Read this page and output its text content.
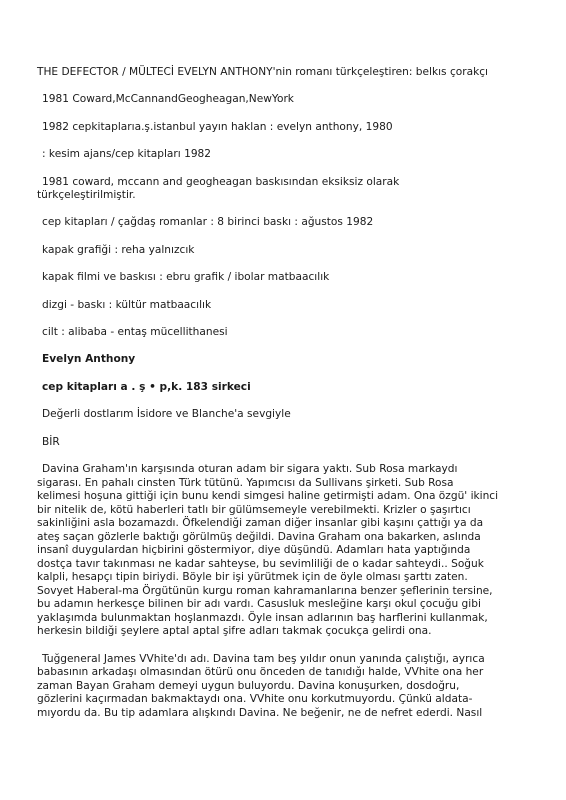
THE DEFECTOR / MÜLTECİ EVELYN ANTHONY'nin romanı türkçeleştiren: belkıs çorakçı
1981 Coward,McCannandGeogheagan,NewYork
1982 cepkitaplarıa.ş.istanbul yayın haklan : evelyn anthony, 1980
: kesim ajans/cep kitapları 1982
1981 coward, mccann and geogheagan baskısından eksiksiz olarak
türkçeleştirilmiştir.
cep kitapları / çağdaş romanlar : 8 birinci baskı : ağustos 1982
kapak grafiği : reha yalnızcık
kapak filmi ve baskısı : ebru grafik / ibolar matbaacılık
dizgi - baskı : kültür matbaacılık
cilt : alibaba - entaş mücellithanesi
Evelyn Anthony
cep kitapları a . ş • p,k. 183 sirkeci
Değerli dostlarım İsidore ve Blanche'a sevgiyle
BİR
Davina Graham'ın karşısında oturan adam bir sigara yaktı. Sub Rosa markaydı
sigarası. En pahalı cinsten Türk tütünü. Yapımcısı da Sullivans şirketi. Sub Rosa
kelimesi hoşuna gittiği için bunu kendi simgesi haline getirmişti adam. Ona özgü' ikinci
bir nitelik de, kötü haberleri tatlı bir gülümsemeyle verebilmekti. Krizler o şaşırtıcı
sakinliğini asla bozamazdı. Öfkelendiği zaman diğer insanlar gibi kaşını çattığı ya da
ateş saçan gözlerle baktığı görülmüş değildi. Davina Graham ona bakarken, aslında
insanî duygulardan hiçbirini göstermiyor, diye düşündü. Adamları hata yaptığında
dostça tavır takınması ne kadar sahteyse, bu sevimliliği de o kadar sahteydi.. Soğuk
kalpli, hesapçı tipin biriydi. Böyle bir işi yürütmek için de öyle olması şarttı zaten.
Sovyet Haberal-ma Örgütünün kurgu roman kahramanlarına benzer şeflerinin tersine,
bu adamın herkesçe bilinen bir adı vardı. Casusluk mesleğine karşı okul çocuğu gibi
yaklaşımda bulunmaktan hoşlanmazdı. Öyle insan adlarının baş harflerini kullanmak,
herkesin bildiği şeylere aptal aptal şifre adları takmak çocukça gelirdi ona.
Tuğgeneral James VVhite'dı adı. Davina tam beş yıldır onun yanında çalıştığı, ayrıca
babasının arkadaşı olmasından ötürü onu önceden de tanıdığı halde, VVhite ona her
zaman Bayan Graham demeyi uygun buluyordu. Davina konuşurken, dosdoğru,
gözlerini kaçırmadan bakmaktaydı ona. VVhite onu korkutmuyordu. Çünkü aldata-
mıyordu da. Bu tip adamlara alışkındı Davina. Ne beğenir, ne de nefret ederdi. Nasıl
